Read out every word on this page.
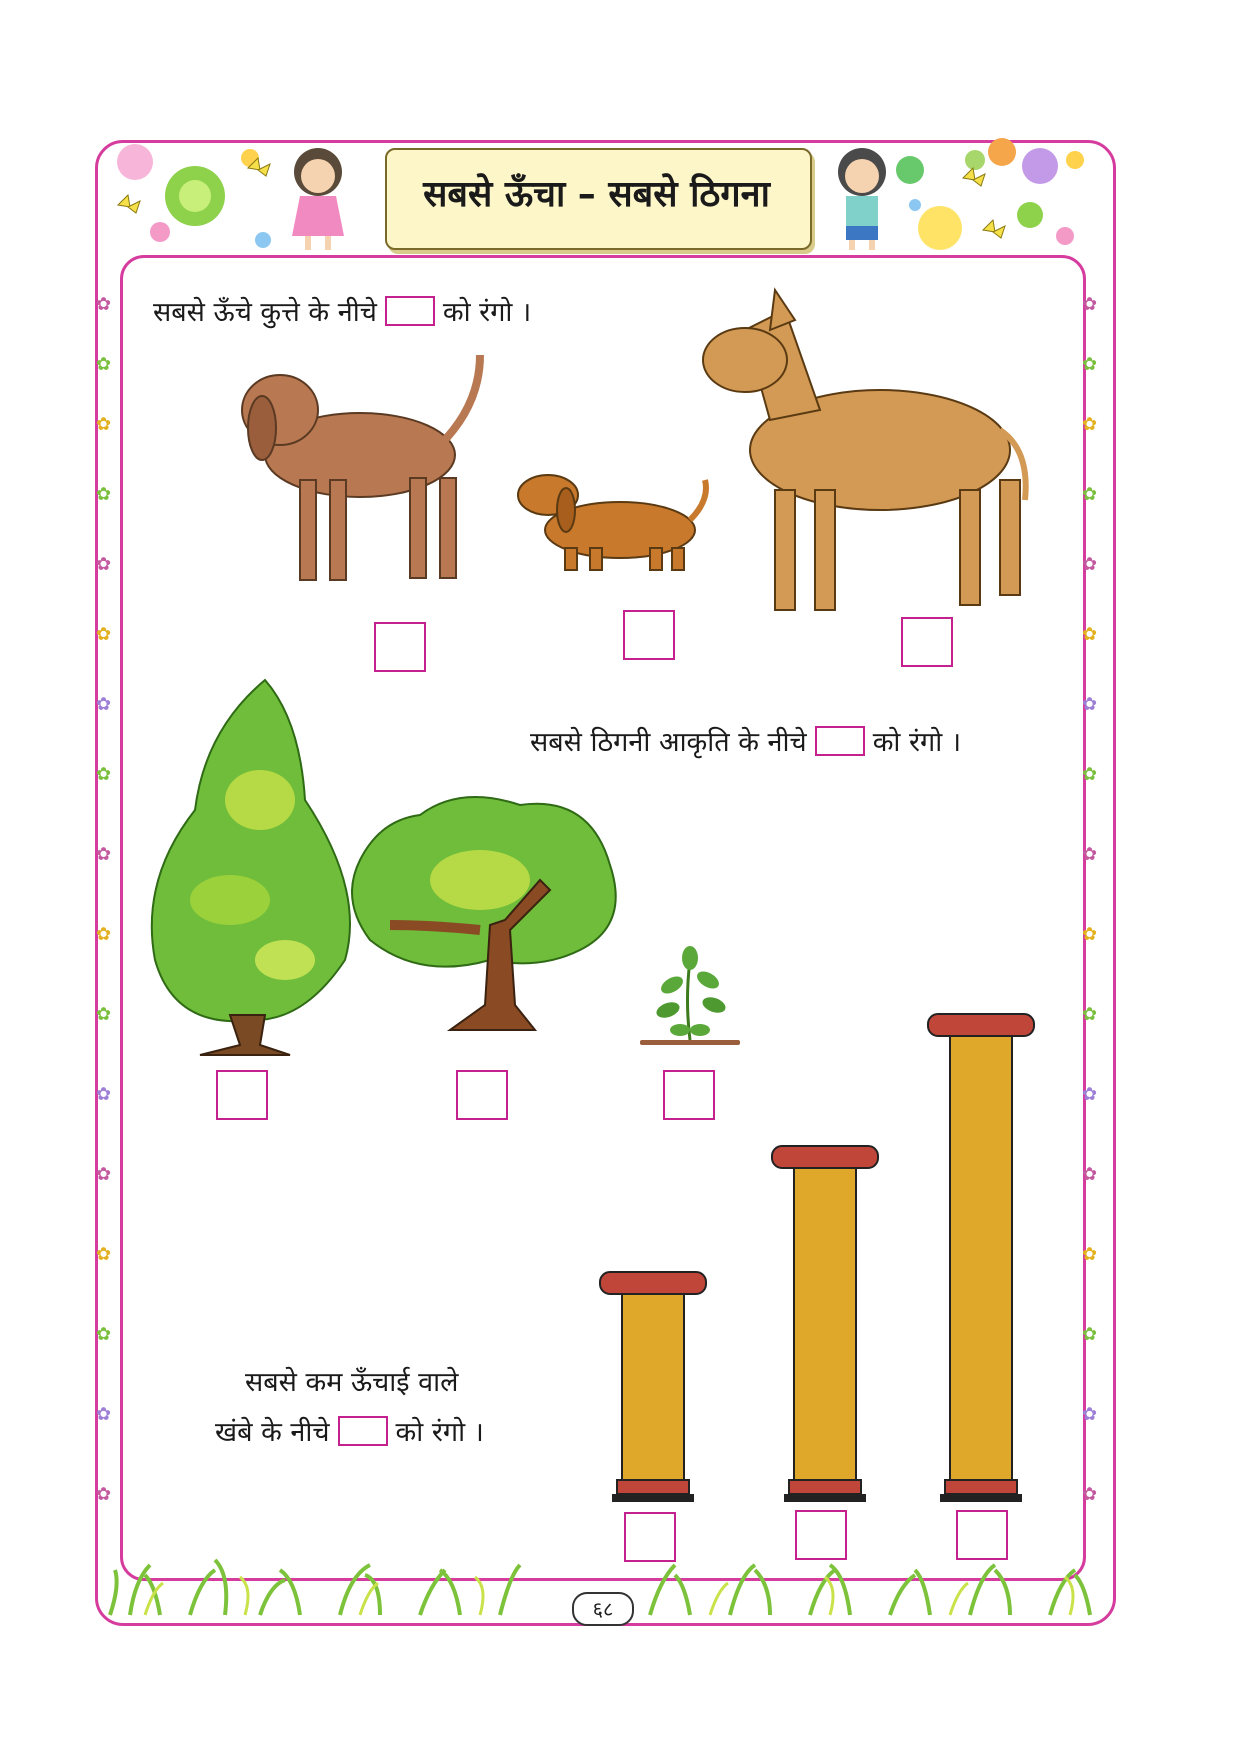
✿
✿
✿
✿
✿
✿
✿
✿
✿
✿
✿
✿
✿
✿
✿
✿
✿
✿
✿
✿
✿
✿
✿
✿
✿
✿
✿
✿
✿
✿
✿
✿
✿
✿
सबसे ऊँचा – सबसे ठिगना
सबसे ऊँचे कुत्ते के नीचे को रंगो ।
सबसे ठिगनी आकृति के नीचे को रंगो ।
सबसे कम ऊँचाई वाले
खंबे के नीचे को रंगो ।
६८
